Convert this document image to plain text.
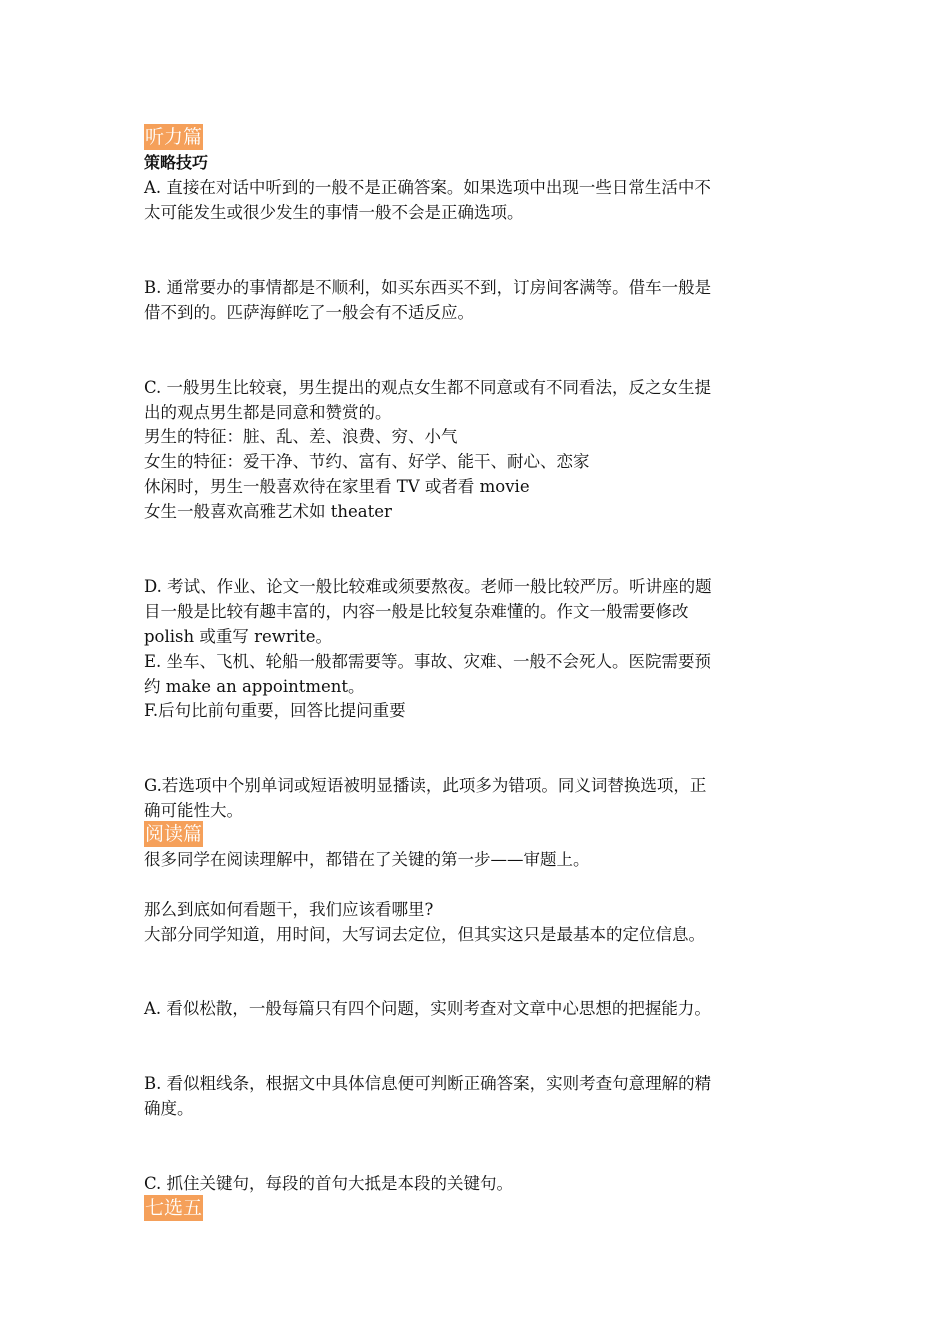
听力篇
策略技巧
A. 直接在对话中听到的一般不是正确答案。如果选项中出现一些日常生活中不
太可能发生或很少发生的事情一般不会是正确选项。
B. 通常要办的事情都是不顺利，如买东西买不到，订房间客满等。借车一般是
借不到的。匹萨海鲜吃了一般会有不适反应。
C. 一般男生比较衰，男生提出的观点女生都不同意或有不同看法，反之女生提
出的观点男生都是同意和赞赏的。
男生的特征：脏、乱、差、浪费、穷、小气
女生的特征：爱干净、节约、富有、好学、能干、耐心、恋家
休闲时，男生一般喜欢待在家里看 TV 或者看 movie
女生一般喜欢高雅艺术如 theater
D. 考试、作业、论文一般比较难或须要熬夜。老师一般比较严厉。听讲座的题
目一般是比较有趣丰富的，内容一般是比较复杂难懂的。作文一般需要修改
polish 或重写 rewrite。
E. 坐车、飞机、轮船一般都需要等。事故、灾难、一般不会死人。医院需要预
约 make an appointment。
F.后句比前句重要，回答比提问重要
G.若选项中个别单词或短语被明显播读，此项多为错项。同义词替换选项，正
确可能性大。
阅读篇
很多同学在阅读理解中，都错在了关键的第一步——审题上。
那么到底如何看题干，我们应该看哪里?
大部分同学知道，用时间，大写词去定位，但其实这只是最基本的定位信息。
A. 看似松散，一般每篇只有四个问题，实则考查对文章中心思想的把握能力。
B. 看似粗线条，根据文中具体信息便可判断正确答案，实则考查句意理解的精
确度。
C. 抓住关键句，每段的首句大抵是本段的关键句。
七选五
